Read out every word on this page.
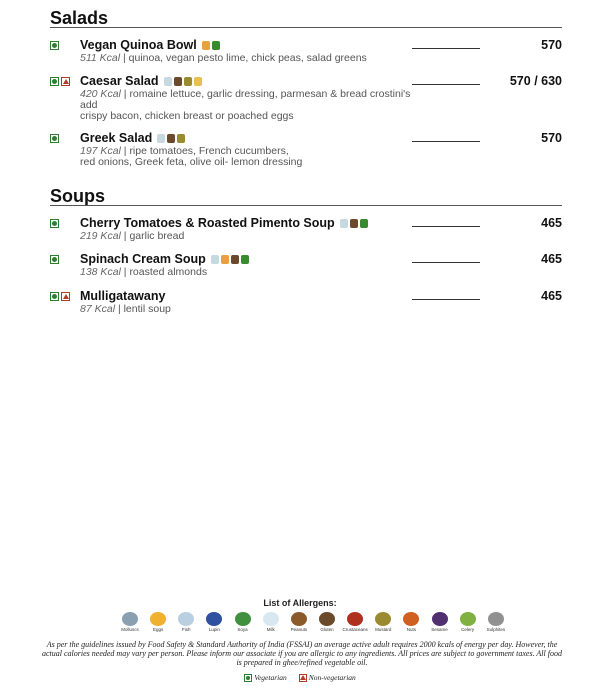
Salads
Vegan Quinoa Bowl
511 Kcal | quinoa, vegan pesto lime, chick peas, salad greens
570
Caesar Salad
420 Kcal | romaine lettuce, garlic dressing, parmesan & bread crostini's
add
crispy bacon, chicken breast or poached eggs
570 / 630
Greek Salad
197 Kcal | ripe tomatoes, French cucumbers,
red onions, Greek feta, olive oil- lemon dressing
570
Soups
Cherry Tomatoes & Roasted Pimento Soup
219 Kcal | garlic bread
465
Spinach Cream Soup
138 Kcal | roasted almonds
465
Mulligatawany
87 Kcal | lentil soup
465
List of Allergens:
Molluscs	Eggs	Fish	Lupin	Soya	Milk	Peanuts	Gluten Crustaceans Mustard	Nuts	Sesame	Celery	Sulphites
As per the guidelines issued by Food Safety & Standard Authority of India (FSSAI) an average active adult requires 2000 kcals of energy per day. However, the actual calories needed may vary per person. Please inform our associate if you are allergic to any ingredients. All prices are subject to government taxes. All food is prepared in ghee/refined vegetable oil.
Vegetarian	Non-vegetarian
